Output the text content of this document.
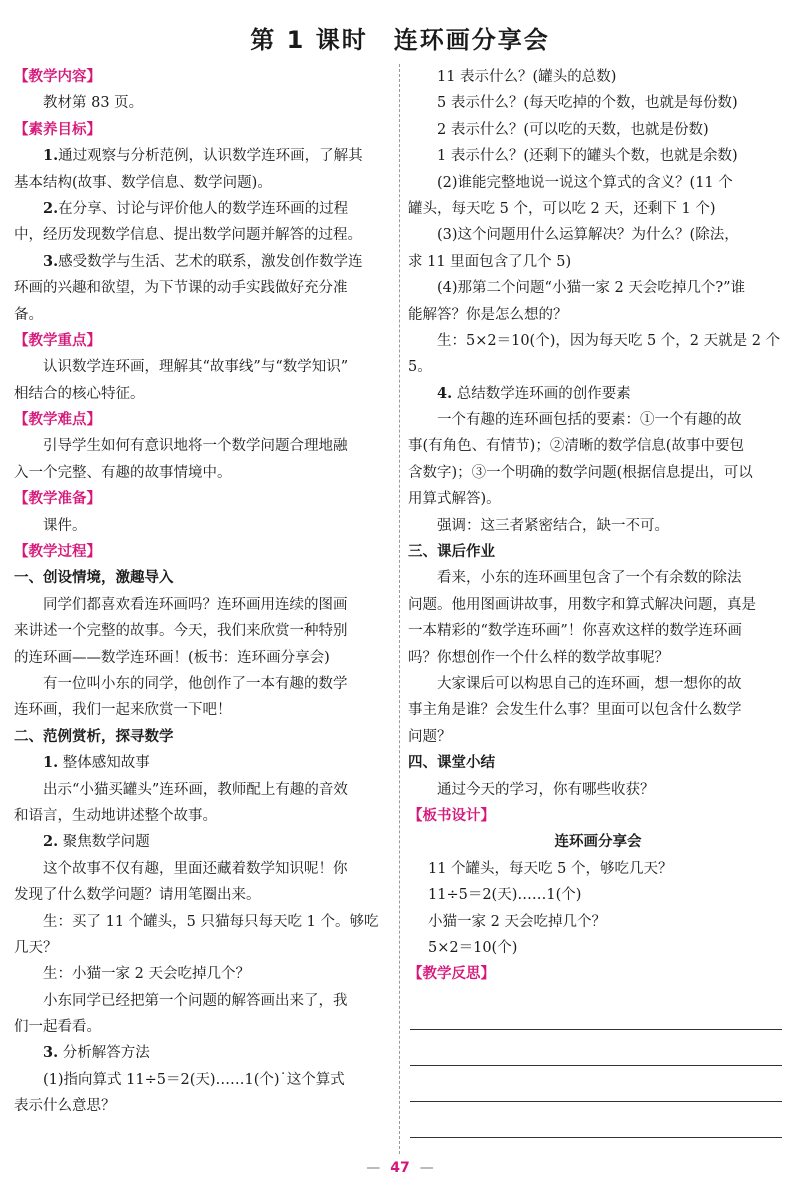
第 1 课时　连环画分享会
【教学内容】
教材第 83 页。
【素养目标】
1.通过观察与分析范例，认识数学连环画，了解其
基本结构(故事、数学信息、数学问题)。
2.在分享、讨论与评价他人的数学连环画的过程
中，经历发现数学信息、提出数学问题并解答的过程。
3.感受数学与生活、艺术的联系，激发创作数学连
环画的兴趣和欲望，为下节课的动手实践做好充分准
备。
【教学重点】
认识数学连环画，理解其“故事线”与“数学知识”
相结合的核心特征。
【教学难点】
引导学生如何有意识地将一个数学问题合理地融
入一个完整、有趣的故事情境中。
【教学准备】
课件。
【教学过程】
一、创设情境，激趣导入
同学们都喜欢看连环画吗？连环画用连续的图画
来讲述一个完整的故事。今天，我们来欣赏一种特别
的连环画——数学连环画！(板书：连环画分享会)
有一位叫小东的同学，他创作了一本有趣的数学
连环画，我们一起来欣赏一下吧！
二、范例赏析，探寻数学
1. 整体感知故事
出示“小猫买罐头”连环画，教师配上有趣的音效
和语言，生动地讲述整个故事。
2. 聚焦数学问题
这个故事不仅有趣，里面还藏着数学知识呢！你
发现了什么数学问题？请用笔圈出来。
生：买了 11 个罐头，5 只猫每只每天吃 1 个。够吃
几天？
生：小猫一家 2 天会吃掉几个？
小东同学已经把第一个问题的解答画出来了，我
们一起看看。
3. 分析解答方法
(1)指向算式 11÷5＝2(天)……1(个)˙这个算式
表示什么意思？
11 表示什么？(罐头的总数)
5 表示什么？(每天吃掉的个数，也就是每份数)
2 表示什么？(可以吃的天数，也就是份数)
1 表示什么？(还剩下的罐头个数，也就是余数)
(2)谁能完整地说一说这个算式的含义？(11 个
罐头，每天吃 5 个，可以吃 2 天，还剩下 1 个)
(3)这个问题用什么运算解决？为什么？(除法，
求 11 里面包含了几个 5)
(4)那第二个问题“小猫一家 2 天会吃掉几个?”谁
能解答？你是怎么想的？
生：5×2＝10(个)，因为每天吃 5 个，2 天就是 2 个
5。
4. 总结数学连环画的创作要素
一个有趣的连环画包括的要素：①一个有趣的故
事(有角色、有情节)；②清晰的数学信息(故事中要包
含数字)；③一个明确的数学问题(根据信息提出，可以
用算式解答)。
强调：这三者紧密结合，缺一不可。
三、课后作业
看来，小东的连环画里包含了一个有余数的除法
问题。他用图画讲故事，用数字和算式解决问题，真是
一本精彩的“数学连环画”！你喜欢这样的数学连环画
吗？你想创作一个什么样的数学故事呢？
大家课后可以构思自己的连环画，想一想你的故
事主角是谁？会发生什么事？里面可以包含什么数学
问题？
四、课堂小结
通过今天的学习，你有哪些收获？
【板书设计】
连环画分享会
11 个罐头，每天吃 5 个，够吃几天？
11÷5＝2(天)……1(个)
小猫一家 2 天会吃掉几个？
5×2＝10(个)
【教学反思】
— 47 —
